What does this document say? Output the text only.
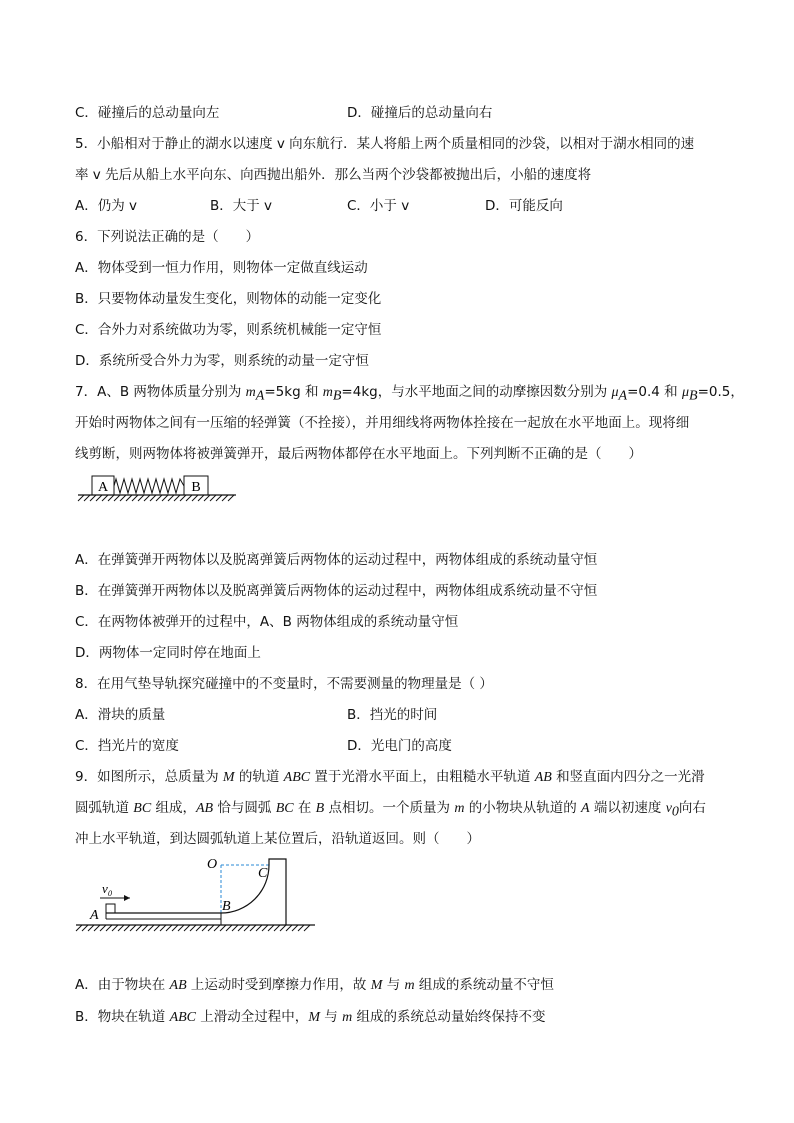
C．碰撞后的总动量向左	D．碰撞后的总动量向右
5．小船相对于静止的湖水以速度 v 向东航行．某人将船上两个质量相同的沙袋，以相对于湖水相同的速
率 v 先后从船上水平向东、向西抛出船外．那么当两个沙袋都被抛出后，小船的速度将
A．仍为 v	B．大于 v	C．小于 v	D．可能反向
6．下列说法正确的是（　　）
A．物体受到一恒力作用，则物体一定做直线运动
B．只要物体动量发生变化，则物体的动能一定变化
C．合外力对系统做功为零，则系统机械能一定守恒
D．系统所受合外力为零，则系统的动量一定守恒
7．A、B 两物体质量分别为 $m_A=5kg$ 和 $m_B=4kg$，与水平地面之间的动摩擦因数分别为 $\mu_A=0.4$ 和 $\mu_B=0.5$，
开始时两物体之间有一压缩的轻弹簧（不拴接），并用细线将两物体拴接在一起放在水平地面上。现将细
线剪断，则两物体将被弹簧弹开，最后两物体都停在水平地面上。下列判断不正确的是（　　）
A	B
A．在弹簧弹开两物体以及脱离弹簧后两物体的运动过程中，两物体组成的系统动量守恒
B．在弹簧弹开两物体以及脱离弹簧后两物体的运动过程中，两物体组成系统动量不守恒
C．在两物体被弹开的过程中，A、B 两物体组成的系统动量守恒
D．两物体一定同时停在地面上
8．在用气垫导轨探究碰撞中的不变量时，不需要测量的物理量是（ ）
A．滑块的质量	B．挡光的时间
C．挡光片的宽度	D．光电门的高度
9．如图所示，总质量为 M 的轨道 ABC 置于光滑水平面上，由粗糙水平轨道 AB 和竖直面内四分之一光滑
圆弧轨道 BC 组成，AB 恰与圆弧 BC 在 B 点相切。一个质量为 m 的小物块从轨道的 A 端以初速度 $v_0$向右
冲上水平轨道，到达圆弧轨道上某位置后，沿轨道返回。则（　　）
v 0
A
B
O
C
A．由于物块在 AB 上运动时受到摩擦力作用，故 M 与 m 组成的系统动量不守恒
B．物块在轨道 ABC 上滑动全过程中，M 与 m 组成的系统总动量始终保持不变
